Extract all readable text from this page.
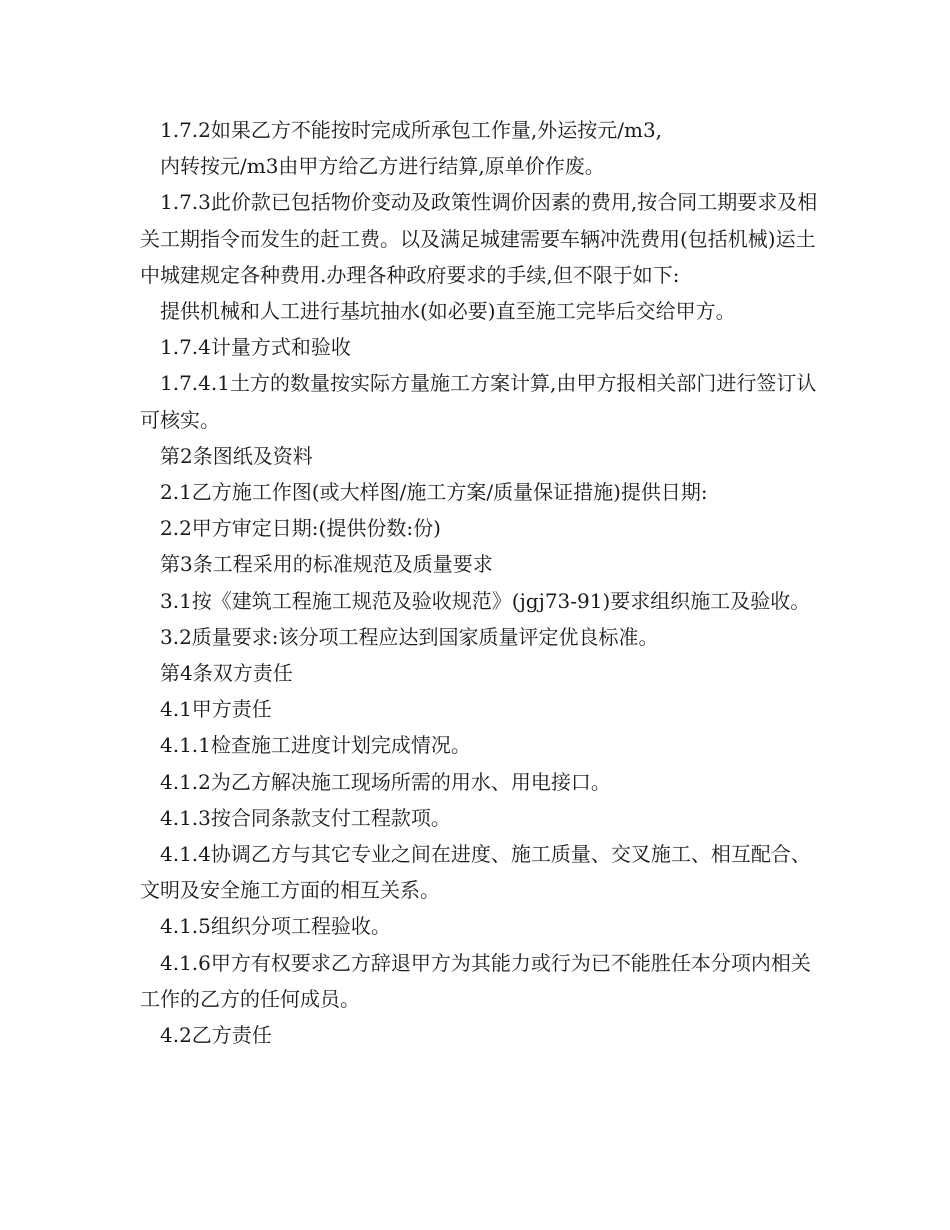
1.7.2如果乙方不能按时完成所承包工作量,外运按元/m3,

内转按元/m3由甲方给乙方进行结算,原单价作废。

1.7.3此价款已包括物价变动及政策性调价因素的费用,按合同工期要求及相关工期指令而发生的赶工费。以及满足城建需要车辆冲洗费用(包括机械)运土中城建规定各种费用.办理各种政府要求的手续,但不限于如下:

提供机械和人工进行基坑抽水(如必要)直至施工完毕后交给甲方。

1.7.4计量方式和验收

1.7.4.1土方的数量按实际方量施工方案计算,由甲方报相关部门进行签订认可核实。

第2条图纸及资料

2.1乙方施工作图(或大样图/施工方案/质量保证措施)提供日期:

2.2甲方审定日期:(提供份数:份)

第3条工程采用的标准规范及质量要求

3.1按《建筑工程施工规范及验收规范》(jgj73-91)要求组织施工及验收。

3.2质量要求:该分项工程应达到国家质量评定优良标准。

第4条双方责任

4.1甲方责任

4.1.1检查施工进度计划完成情况。

4.1.2为乙方解决施工现场所需的用水、用电接口。

4.1.3按合同条款支付工程款项。

4.1.4协调乙方与其它专业之间在进度、施工质量、交叉施工、相互配合、文明及安全施工方面的相互关系。

4.1.5组织分项工程验收。

4.1.6甲方有权要求乙方辞退甲方为其能力或行为已不能胜任本分项内相关工作的乙方的任何成员。

4.2乙方责任
